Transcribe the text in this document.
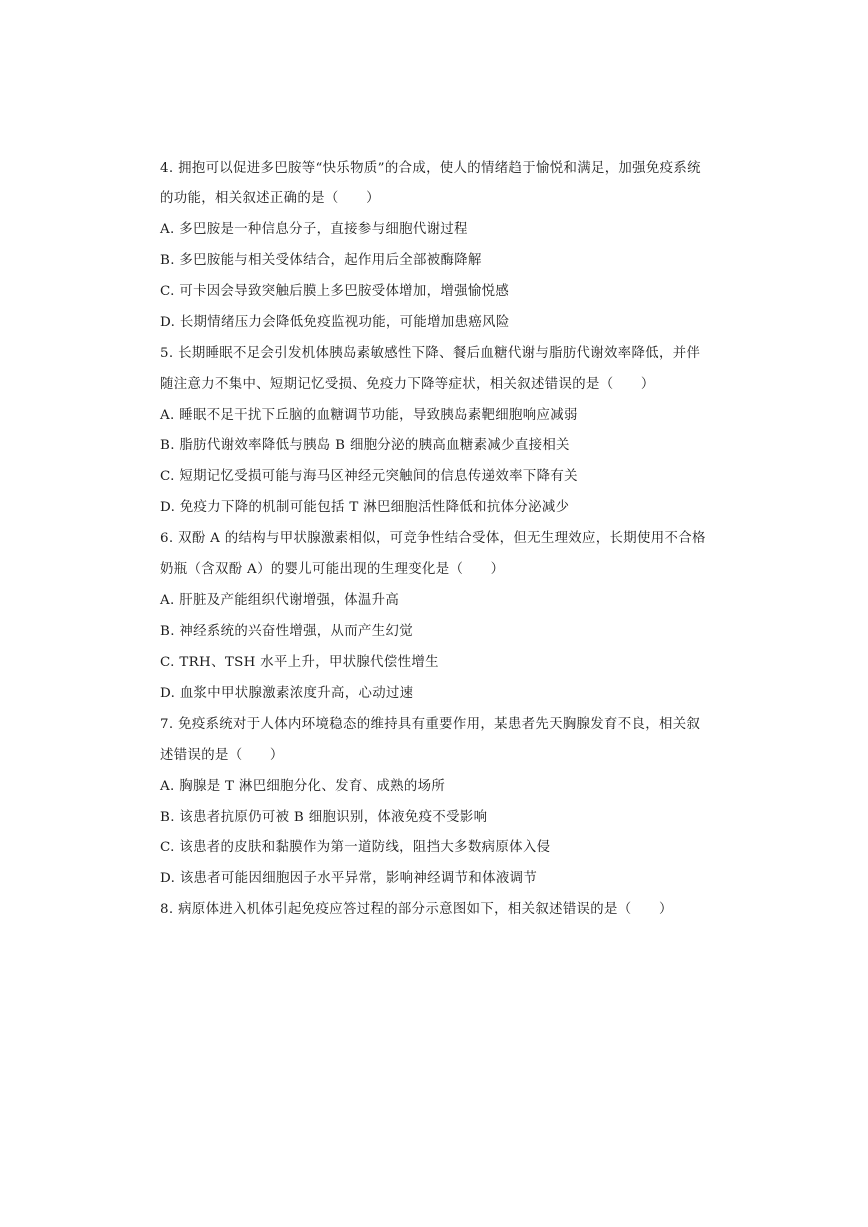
4. 拥抱可以促进多巴胺等“快乐物质”的合成，使人的情绪趋于愉悦和满足，加强免疫系统
的功能，相关叙述正确的是（　　）
A. 多巴胺是一种信息分子，直接参与细胞代谢过程
B. 多巴胺能与相关受体结合，起作用后全部被酶降解
C. 可卡因会导致突触后膜上多巴胺受体增加，增强愉悦感
D. 长期情绪压力会降低免疫监视功能，可能增加患癌风险
5. 长期睡眠不足会引发机体胰岛素敏感性下降、餐后血糖代谢与脂肪代谢效率降低，并伴
随注意力不集中、短期记忆受损、免疫力下降等症状，相关叙述错误的是（　　）
A. 睡眠不足干扰下丘脑的血糖调节功能，导致胰岛素靶细胞响应减弱
B. 脂肪代谢效率降低与胰岛 B 细胞分泌的胰高血糖素减少直接相关
C. 短期记忆受损可能与海马区神经元突触间的信息传递效率下降有关
D. 免疫力下降的机制可能包括 T 淋巴细胞活性降低和抗体分泌减少
6. 双酚 A 的结构与甲状腺激素相似，可竞争性结合受体，但无生理效应，长期使用不合格
奶瓶（含双酚 A）的婴儿可能出现的生理变化是（　　）
A. 肝脏及产能组织代谢增强，体温升高
B. 神经系统的兴奋性增强，从而产生幻觉
C. TRH、TSH 水平上升，甲状腺代偿性增生
D. 血浆中甲状腺激素浓度升高，心动过速
7. 免疫系统对于人体内环境稳态的维持具有重要作用，某患者先天胸腺发育不良，相关叙
述错误的是（　　）
A. 胸腺是 T 淋巴细胞分化、发育、成熟的场所
B. 该患者抗原仍可被 B 细胞识别，体液免疫不受影响
C. 该患者的皮肤和黏膜作为第一道防线，阻挡大多数病原体入侵
D. 该患者可能因细胞因子水平异常，影响神经调节和体液调节
8. 病原体进入机体引起免疫应答过程的部分示意图如下，相关叙述错误的是（　　）
